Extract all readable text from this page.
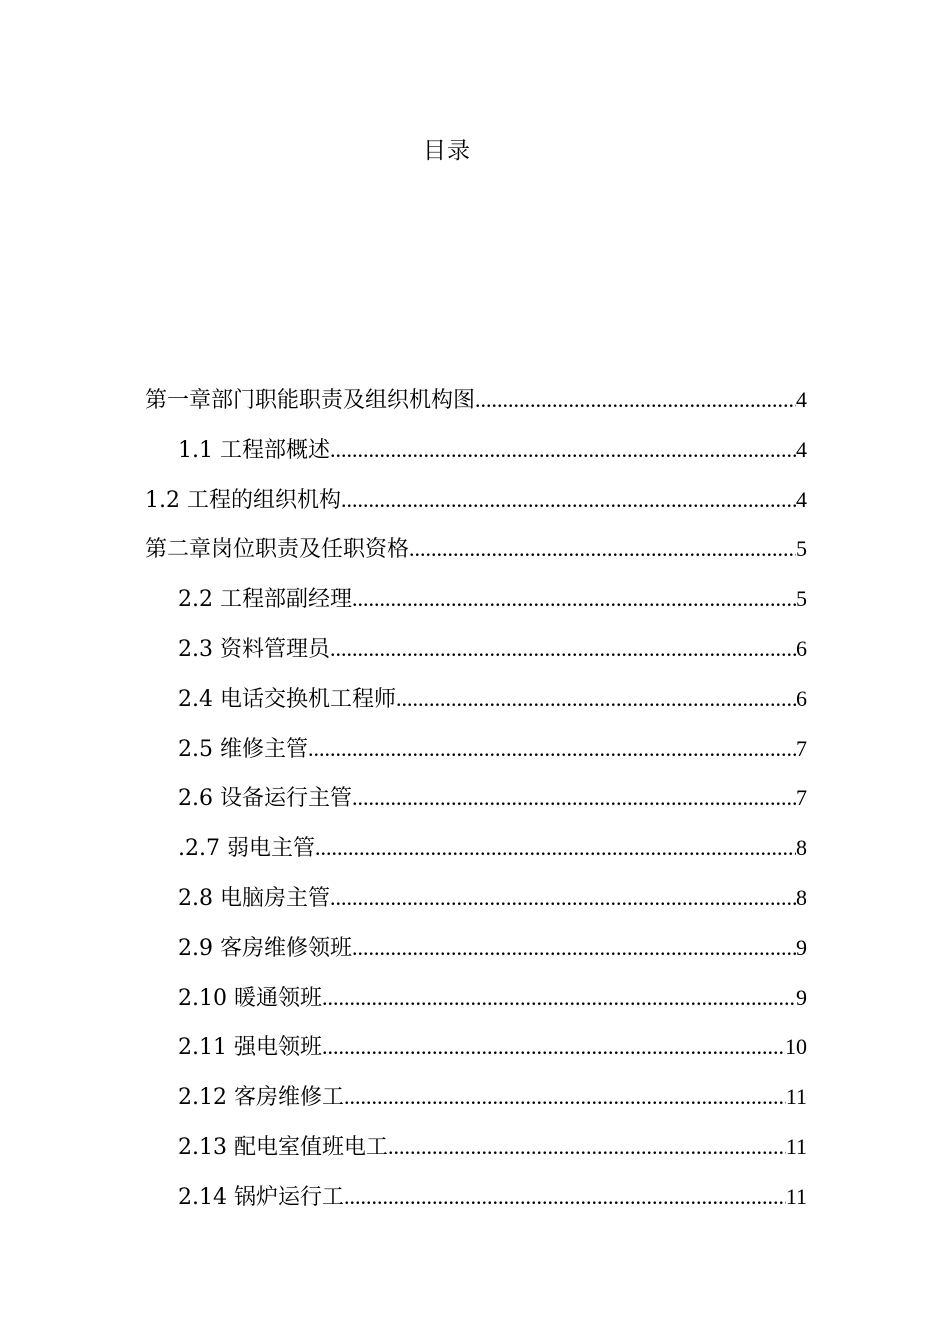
目录
第一章部门职能职责及组织机构图 .....	4
1.1 工程部概述 .....	4
1.2 工程的组织机构 .....	4
第二章岗位职责及任职资格 .....	5
2.2 工程部副经理 .....	5
2.3 资料管理员 .....	6
2.4 电话交换机工程师 .....	6
2.5 维修主管 .....	7
2.6 设备运行主管 .....	7
.2.7 弱电主管 .....	8
2.8 电脑房主管 .....	8
2.9 客房维修领班 .....	9
2.10 暖通领班 .....	9
2.11 强电领班 .....	10
2.12 客房维修工 .....	11
2.13 配电室值班电工 .....	11
2.14 锅炉运行工 .....	11
